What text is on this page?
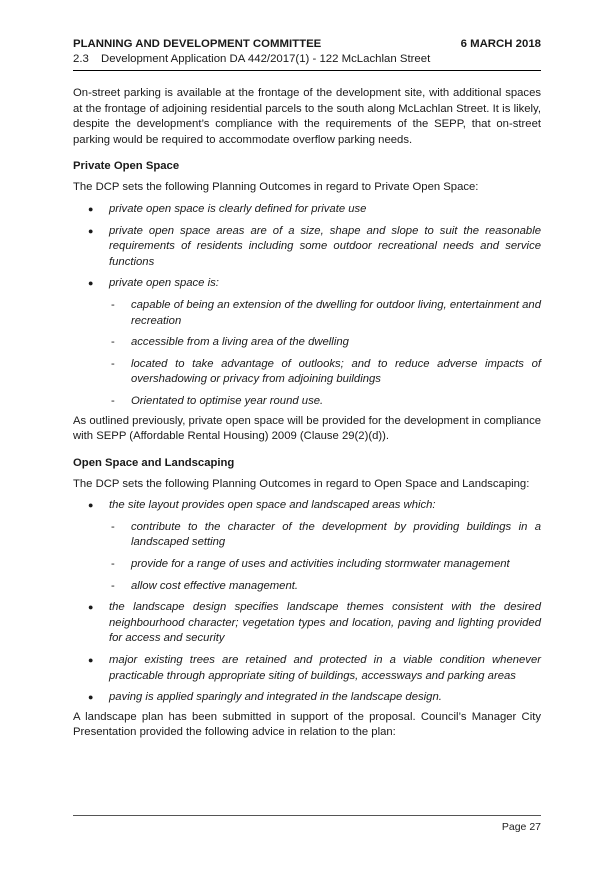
PLANNING AND DEVELOPMENT COMMITTEE	6 MARCH 2018
2.3 Development Application DA 442/2017(1) - 122 McLachlan Street

On-street parking is available at the frontage of the development site, with additional spaces at the frontage of adjoining residential parcels to the south along McLachlan Street. It is likely, despite the development’s compliance with the requirements of the SEPP, that on-street parking would be required to accommodate overflow parking needs.

Private Open Space

The DCP sets the following Planning Outcomes in regard to Private Open Space:

● private open space is clearly defined for private use
● private open space areas are of a size, shape and slope to suit the reasonable requirements of residents including some outdoor recreational needs and service functions
● private open space is:
- capable of being an extension of the dwelling for outdoor living, entertainment and recreation
- accessible from a living area of the dwelling
- located to take advantage of outlooks; and to reduce adverse impacts of overshadowing or privacy from adjoining buildings
- Orientated to optimise year round use.

As outlined previously, private open space will be provided for the development in compliance with SEPP (Affordable Rental Housing) 2009 (Clause 29(2)(d)).

Open Space and Landscaping

The DCP sets the following Planning Outcomes in regard to Open Space and Landscaping:

● the site layout provides open space and landscaped areas which:
- contribute to the character of the development by providing buildings in a landscaped setting
- provide for a range of uses and activities including stormwater management
- allow cost effective management.
● the landscape design specifies landscape themes consistent with the desired neighbourhood character; vegetation types and location, paving and lighting provided for access and security
● major existing trees are retained and protected in a viable condition whenever practicable through appropriate siting of buildings, accessways and parking areas
● paving is applied sparingly and integrated in the landscape design.

A landscape plan has been submitted in support of the proposal. Council’s Manager City Presentation provided the following advice in relation to the plan:

Page 27
